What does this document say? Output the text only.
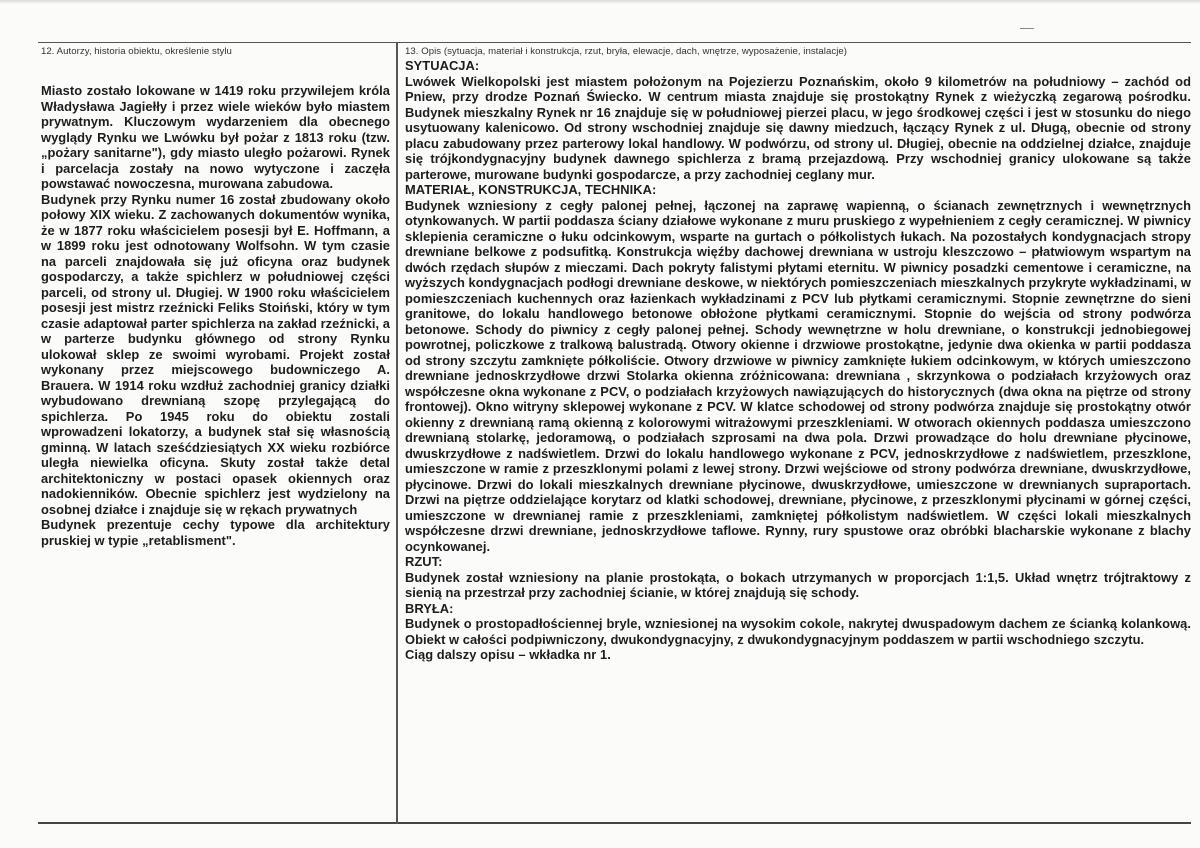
12. Autorzy, historia obiektu, określenie stylu

Miasto zostało lokowane w 1419 roku przywilejem króla Władysława Jagiełły i przez wiele wieków było miastem prywatnym. Kluczowym wydarzeniem dla obecnego wyglądy Rynku we Lwówku był pożar z 1813 roku (tzw. „pożary sanitarne"), gdy miasto uległo pożarowi. Rynek i parcelacja zostały na nowo wytyczone i zaczęła powstawać nowoczesna, murowana zabudowa.

Budynek przy Rynku numer 16 został zbudowany około połowy XIX wieku. Z zachowanych dokumentów wynika, że w 1877 roku właścicielem posesji był E. Hoffmann, a w 1899 roku jest odnotowany Wolfsohn. W tym czasie na parceli znajdowała się już oficyna oraz budynek gospodarczy, a także spichlerz w południowej części parceli, od strony ul. Długiej. W 1900 roku właścicielem posesji jest mistrz rzeźnicki Feliks Stoiński, który w tym czasie adaptował parter spichlerza na zakład rzeźnicki, a w parterze budynku głównego od strony Rynku ulokował sklep ze swoimi wyrobami. Projekt został wykonany przez miejscowego budowniczego A. Brauera. W 1914 roku wzdłuż zachodniej granicy działki wybudowano drewnianą szopę przylegającą do spichlerza. Po 1945 roku do obiektu zostali wprowadzeni lokatorzy, a budynek stał się własnością gminną. W latach sześćdziesiątych XX wieku rozbiórce uległa niewielka oficyna. Skuty został także detal architektoniczny w postaci opasek okiennych oraz nadokienników. Obecnie spichlerz jest wydzielony na osobnej działce i znajduje się w rękach prywatnych

Budynek prezentuje cechy typowe dla architektury pruskiej w typie „retablisment".

13. Opis (sytuacja, materiał i konstrukcja, rzut, bryła, elewacje, dach, wnętrze, wyposażenie, instalacje)
SYTUACJA:

Lwówek Wielkopolski jest miastem położonym na Pojezierzu Poznańskim, około 9 kilometrów na południowy – zachód od Pniew, przy drodze Poznań Świecko. W centrum miasta znajduje się prostokątny Rynek z wieżyczką zegarową pośrodku. Budynek mieszkalny Rynek nr 16 znajduje się w południowej pierzei placu, w jego środkowej części i jest w stosunku do niego usytuowany kalenicowo. Od strony wschodniej znajduje się dawny miedzuch, łączący Rynek z ul. Długą, obecnie od strony placu zabudowany przez parterowy lokal handlowy. W podwórzu, od strony ul. Długiej, obecnie na oddzielnej działce, znajduje się trójkondygnacyjny budynek dawnego spichlerza z bramą przejazdową. Przy wschodniej granicy ulokowane są także parterowe, murowane budynki gospodarcze, a przy zachodniej ceglany mur.

MATERIAŁ, KONSTRUKCJA, TECHNIKA:

Budynek wzniesiony z cegły palonej pełnej, łączonej na zaprawę wapienną, o ścianach zewnętrznych i wewnętrznych otynkowanych. W partii poddasza ściany działowe wykonane z muru pruskiego z wypełnieniem z cegły ceramicznej. W piwnicy sklepienia ceramiczne o łuku odcinkowym, wsparte na gurtach o półkolistych łukach. Na pozostałych kondygnacjach stropy drewniane belkowe z podsufitką. Konstrukcja więźby dachowej drewniana w ustroju kleszczowo – płatwiowym wspartym na dwóch rzędach słupów z mieczami. Dach pokryty falistymi płytami eternitu. W piwnicy posadzki cementowe i ceramiczne, na wyższych kondygnacjach podłogi drewniane deskowe, w niektórych pomieszczeniach mieszkalnych przykryte wykładzinami, w pomieszczeniach kuchennych oraz łazienkach wykładzinami z PCV lub płytkami ceramicznymi. Stopnie zewnętrzne do sieni granitowe, do lokalu handlowego betonowe obłożone płytkami ceramicznymi. Stopnie do wejścia od strony podwórza betonowe. Schody do piwnicy z cegły palonej pełnej. Schody wewnętrzne w holu drewniane, o konstrukcji jednobiegowej powrotnej, policzkowe z tralkową balustradą. Otwory okienne i drzwiowe prostokątne, jedynie dwa okienka w partii poddasza od strony szczytu zamknięte półkoliście. Otwory drzwiowe w piwnicy zamknięte łukiem odcinkowym, w których umieszczono drewniane jednoskrzydłowe drzwi Stolarka okienna zróżnicowana: drewniana , skrzynkowa o podziałach krzyżowych oraz współczesne okna wykonane z PCV, o podziałach krzyżowych nawiązujących do historycznych (dwa okna na piętrze od strony frontowej). Okno witryny sklepowej wykonane z PCV. W klatce schodowej od strony podwórza znajduje się prostokątny otwór okienny z drewnianą ramą okienną z kolorowymi witrażowymi przeszkleniami. W otworach okiennych poddasza umieszczono drewnianą stolarkę, jedoramową, o podziałach szprosami na dwa pola. Drzwi prowadzące do holu drewniane płycinowe, dwuskrzydłowe z nadświetlem. Drzwi do lokalu handlowego wykonane z PCV, jednoskrzydłowe z nadświetlem, przeszklone, umieszczone w ramie z przeszklonymi polami z lewej strony. Drzwi wejściowe od strony podwórza drewniane, dwuskrzydłowe, płycinowe. Drzwi do lokali mieszkalnych drewniane płycinowe, dwuskrzydłowe, umieszczone w drewnianych supraportach. Drzwi na piętrze oddzielające korytarz od klatki schodowej, drewniane, płycinowe, z przeszklonymi płycinami w górnej części, umieszczone w drewnianej ramie z przeszkleniami, zamkniętej półkolistym nadświetlem. W części lokali mieszkalnych współczesne drzwi drewniane, jednoskrzydłowe taflowe. Rynny, rury spustowe oraz obróbki blacharskie wykonane z blachy ocynkowanej.

RZUT:

Budynek został wzniesiony na planie prostokąta, o bokach utrzymanych w proporcjach 1:1,5. Układ wnętrz trójtraktowy z sienią na przestrzał przy zachodniej ścianie, w której znajdują się schody.

BRYŁA:

Budynek o prostopadłościennej bryle, wzniesionej na wysokim cokole, nakrytej dwuspadowym dachem ze ścianką kolankową. Obiekt w całości podpiwniczony, dwukondygnacyjny, z dwukondygnacyjnym poddaszem w partii wschodniego szczytu.

Ciąg dalszy opisu – wkładka nr 1.
